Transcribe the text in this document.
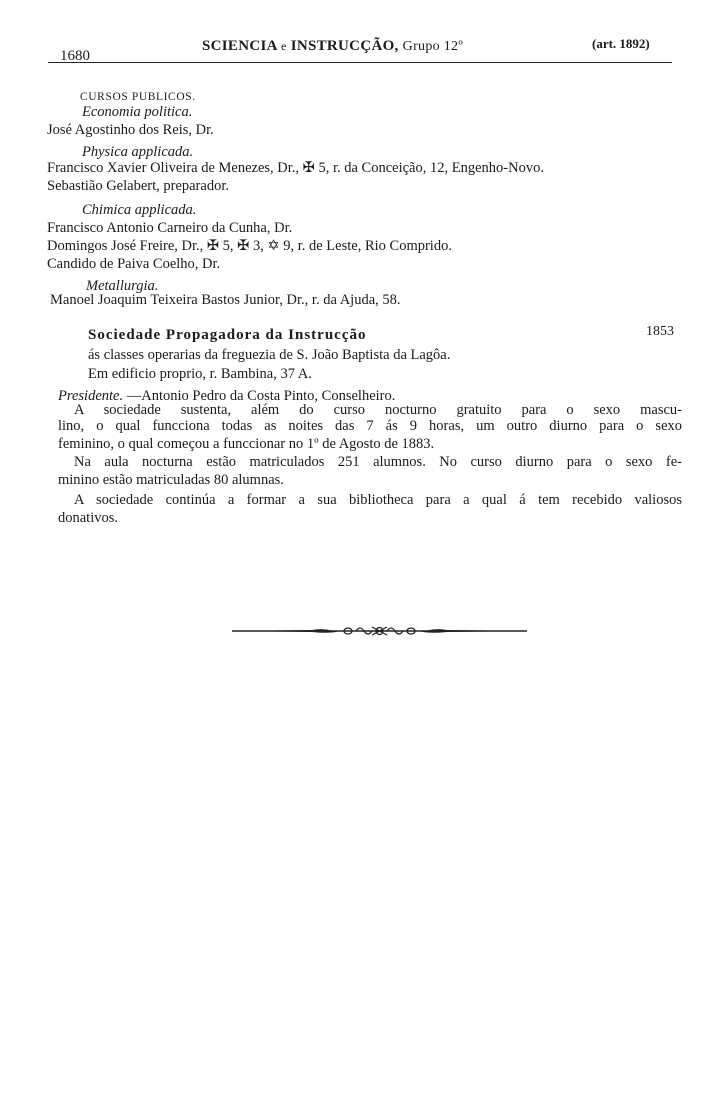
1680
SCIENCIA e INSTRUCÇÃO, Grupo 12º	(art. 1892)
CURSOS PUBLICOS.
Economia politica.
José Agostinho dos Reis, Dr.
Physica applicada.
Francisco Xavier Oliveira de Menezes, Dr., ✠ 5, r. da Conceição, 12, Engenho-Novo.
Sebastião Gelabert, preparador.
Chimica applicada.
Francisco Antonio Carneiro da Cunha, Dr.
Domingos José Freire, Dr., ✠ 5, ✠ 3, ✡ 9, r. de Leste, Rio Comprido.
Candido de Paiva Coelho, Dr.
Metallurgia.
Manoel Joaquim Teixeira Bastos Junior, Dr., r. da Ajuda, 58.
Sociedade Propagadora da Instrucção	1853
ás classes operarias da freguezia de S. João Baptista da Lagôa.
Em edificio proprio, r. Bambina, 37 A.
Presidente. —Antonio Pedro da Costa Pinto, Conselheiro.
A sociedade sustenta, além do curso nocturno gratuito para o sexo mascu-
lino, o qual funcciona todas as noites das 7 ás 9 horas, um outro diurno para o sexo
feminino, o qual começou a funccionar no 1º de Agosto de 1883.
Na aula nocturna estão matriculados 251 alumnos. No curso diurno para o sexo fe-
minino estão matriculadas 80 alumnas.
A sociedade continúa a formar a sua bibliotheca para a qual á tem recebido valiosos
donativos.
